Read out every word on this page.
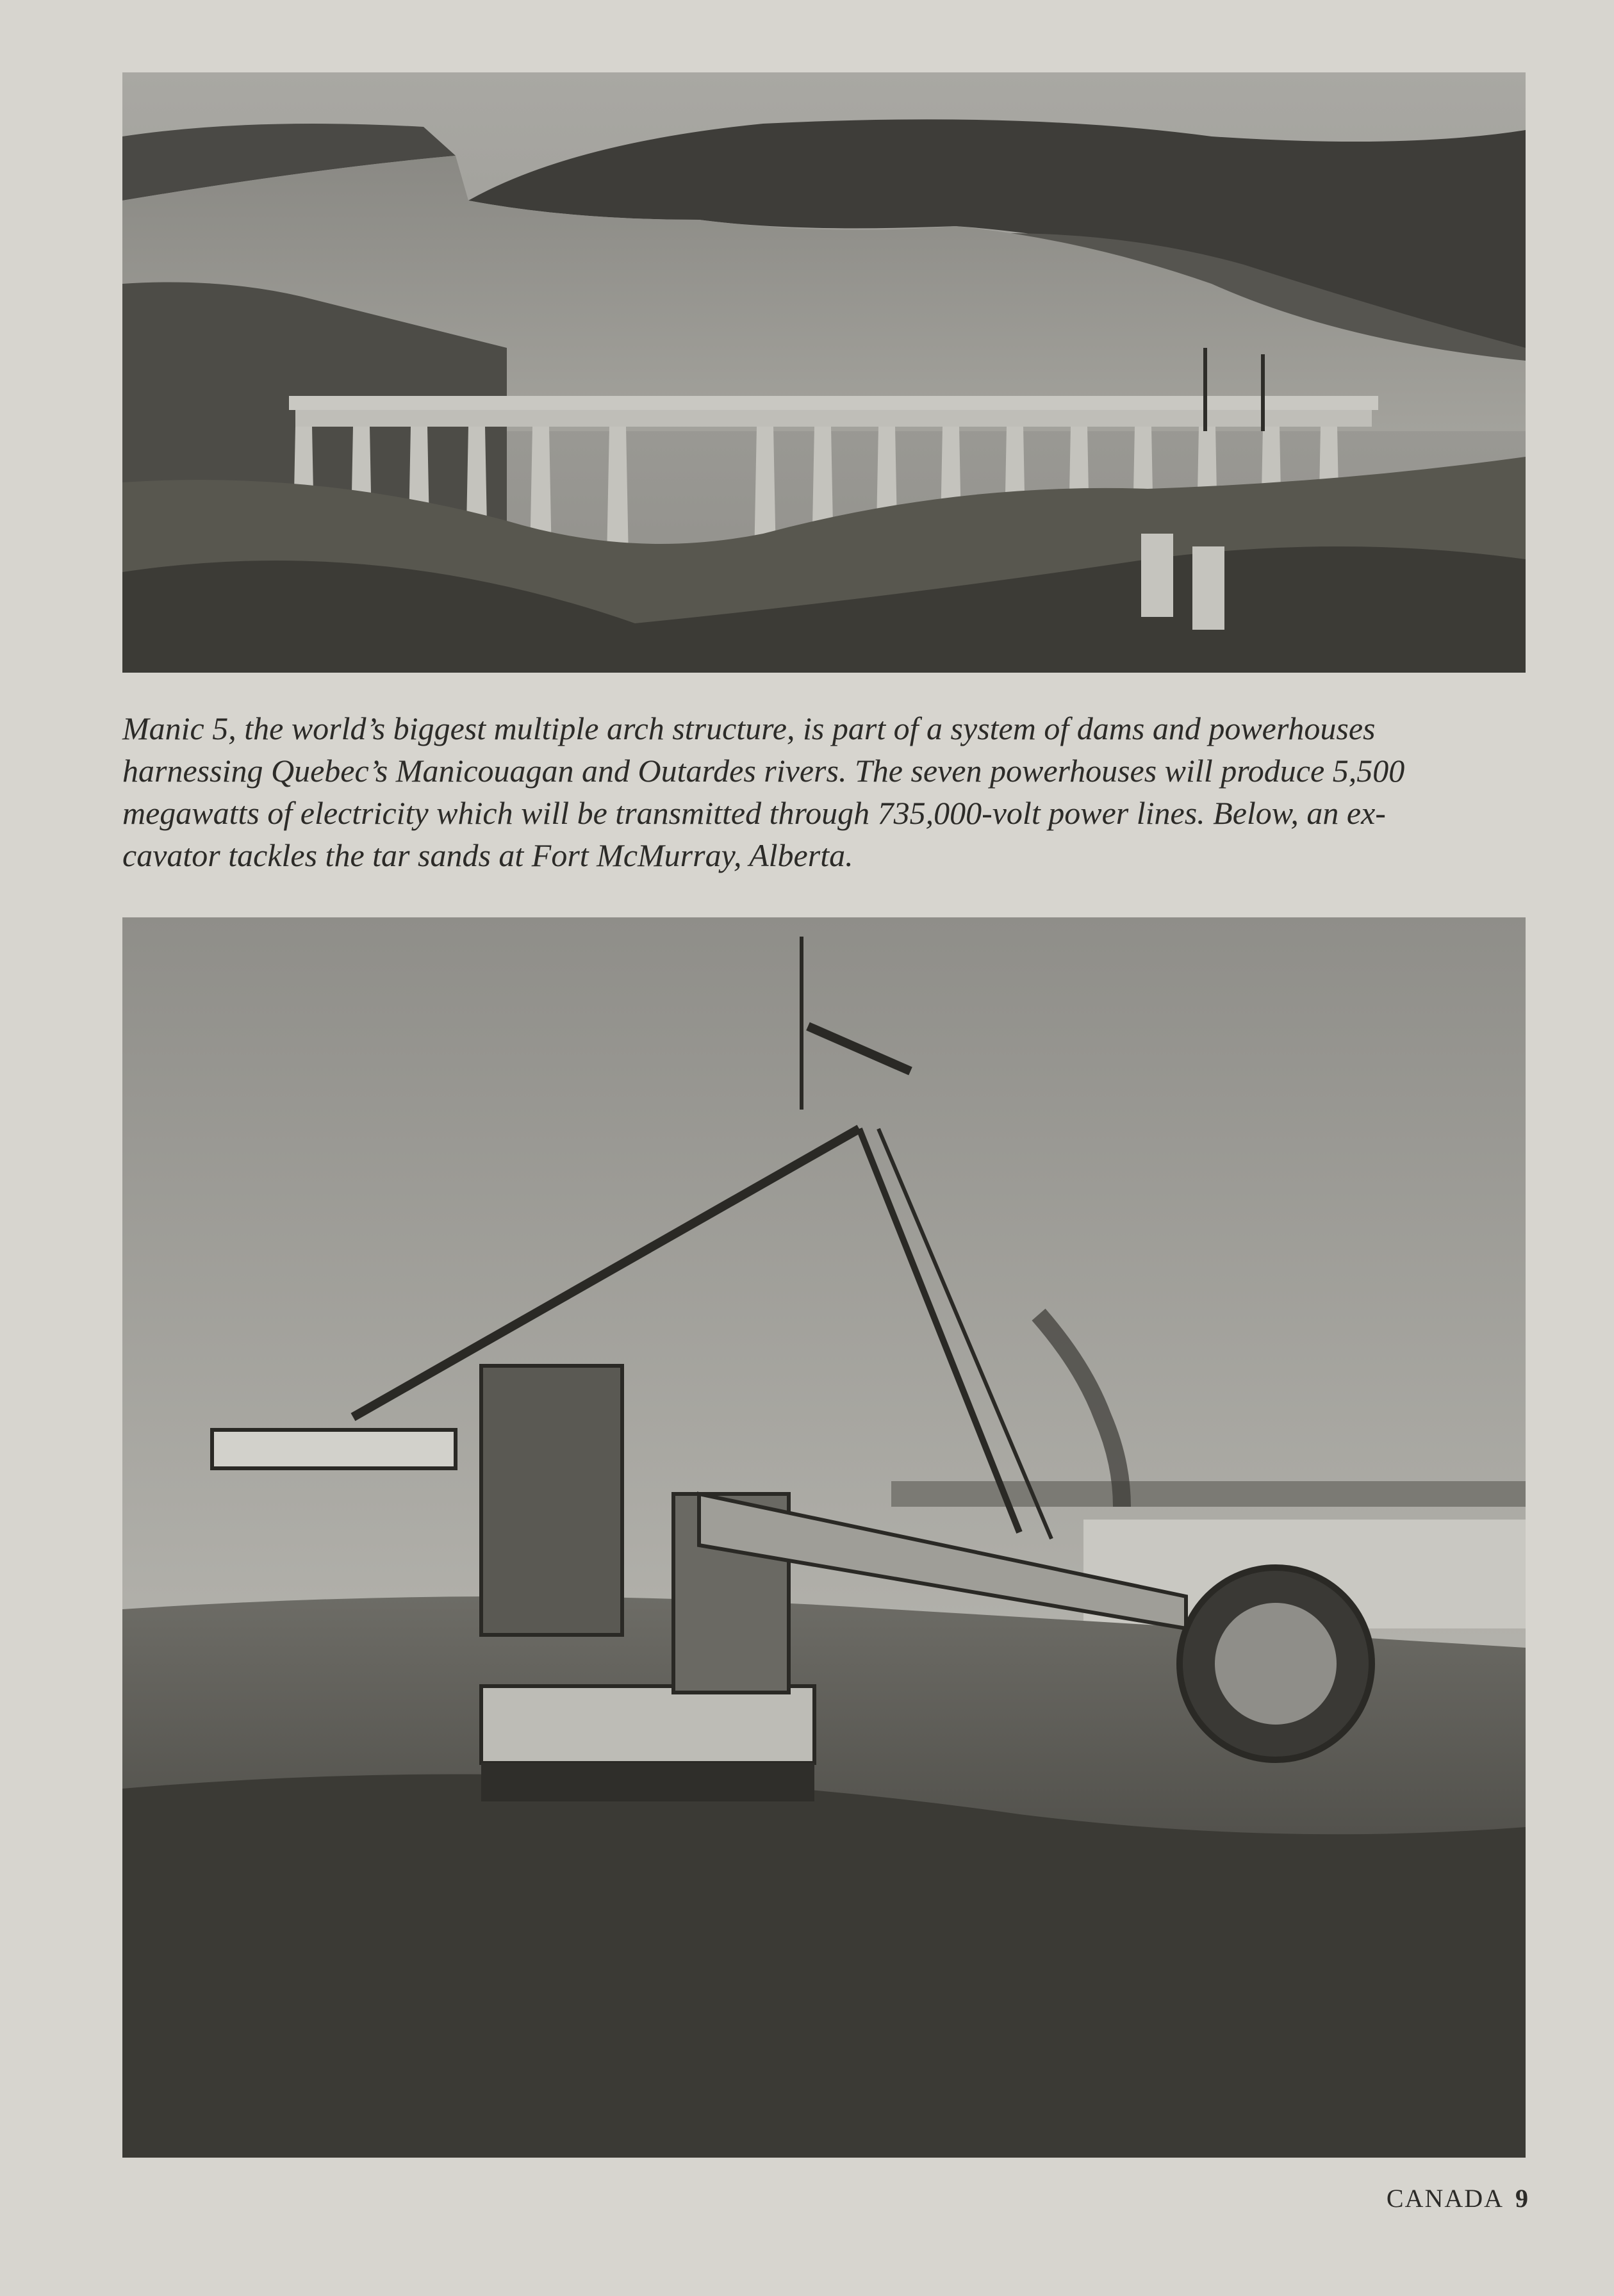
Manic 5, the world’s biggest multiple arch structure, is part of a system of dams and powerhouses
harnessing Quebec’s Manicouagan and Outardes rivers. The seven powerhouses will produce 5,500
megawatts of electricity which will be transmitted through 735,000-volt power lines. Below, an ex-
cavator tackles the tar sands at Fort McMurray, Alberta.

CANADA 9
